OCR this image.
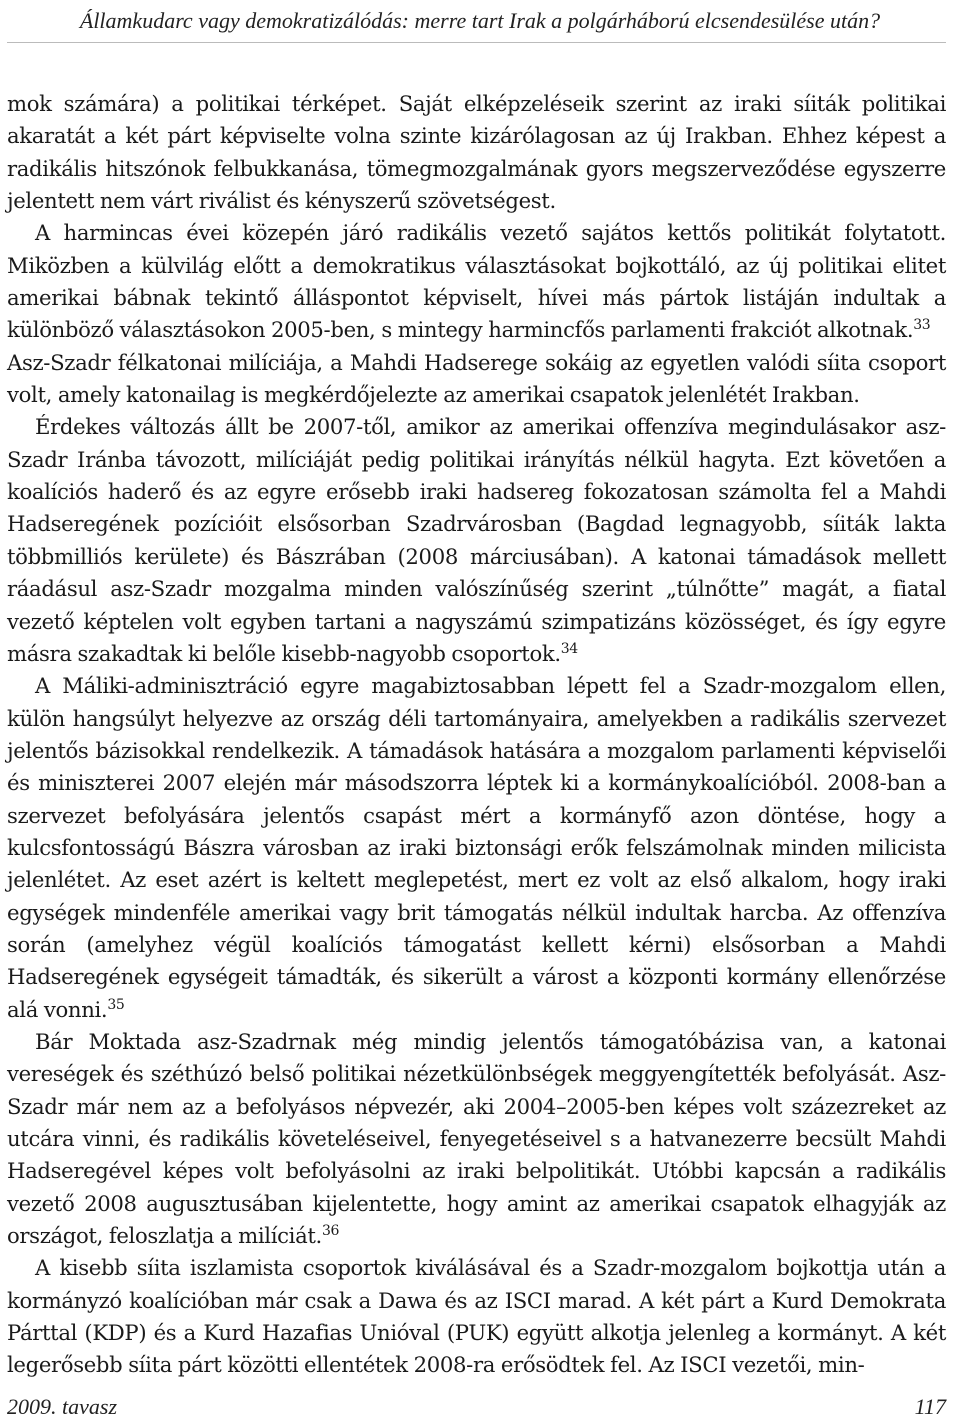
Államkudarc vagy demokratizálódás: merre tart Irak a polgárháború elcsendesülése után?

mok számára) a politikai térképet. Saját elképzeléseik szerint az iraki síiták politikai akaratát a két párt képviselte volna szinte kizárólagosan az új Irakban. Ehhez képest a radikális hitszónok felbukkanása, tömegmozgalmának gyors megszerveződése egyszerre jelentett nem várt riválist és kényszerű szövetségest.

A harmincas évei közepén járó radikális vezető sajátos kettős politikát folytatott. Miközben a külvilág előtt a demokratikus választásokat bojkottáló, az új politikai elitet amerikai bábnak tekintő álláspontot képviselt, hívei más pártok listáján indultak a különböző választásokon 2005-ben, s mintegy harmincfős parlamenti frakciót alkotnak.$^{33}$

Asz-Szadr félkatonai milíciája, a Mahdi Hadserege sokáig az egyetlen valódi síita csoport volt, amely katonailag is megkérdőjelezte az amerikai csapatok jelenlétét Irakban.

Érdekes változás állt be 2007-től, amikor az amerikai offenzíva megindulásakor asz-Szadr Iránba távozott, milíciáját pedig politikai irányítás nélkül hagyta. Ezt követően a koalíciós haderő és az egyre erősebb iraki hadsereg fokozatosan számolta fel a Mahdi Hadseregének pozícióit elsősorban Szadrvárosban (Bagdad legnagyobb, síiták lakta többmilliós kerülete) és Bászrában (2008 márciusában). A katonai támadások mellett ráadásul asz-Szadr mozgalma minden valószínűség szerint „túlnőtte” magát, a fiatal vezető képtelen volt egyben tartani a nagyszámú szimpatizáns közösséget, és így egyre másra szakadtak ki belőle kisebb-nagyobb csoportok.$^{34}$

A Máliki-adminisztráció egyre magabiztosabban lépett fel a Szadr-mozgalom ellen, külön hangsúlyt helyezve az ország déli tartományaira, amelyekben a radikális szervezet jelentős bázisokkal rendelkezik. A támadások hatására a mozgalom parlamenti képviselői és miniszterei 2007 elején már másodszorra léptek ki a kormánykoalícióból. 2008-ban a szervezet befolyására jelentős csapást mért a kormányfő azon döntése, hogy a kulcsfontosságú Bászra városban az iraki biztonsági erők felszámolnak minden milicista jelenlétet. Az eset azért is keltett meglepetést, mert ez volt az első alkalom, hogy iraki egységek mindenféle amerikai vagy brit támogatás nélkül indultak harcba. Az offenzíva során (amelyhez végül koalíciós támogatást kellett kérni) elsősorban a Mahdi Hadseregének egységeit támadták, és sikerült a várost a központi kormány ellenőrzése alá vonni.$^{35}$

Bár Moktada asz-Szadrnak még mindig jelentős támogatóbázisa van, a katonai vereségek és széthúzó belső politikai nézetkülönbségek meggyengítették befolyását. Asz-Szadr már nem az a befolyásos népvezér, aki 2004–2005-ben képes volt százezreket az utcára vinni, és radikális követeléseivel, fenyegetéseivel s a hatvanezerre becsült Mahdi Hadseregével képes volt befolyásolni az iraki belpolitikát. Utóbbi kapcsán a radikális vezető 2008 augusztusában kijelentette, hogy amint az amerikai csapatok elhagyják az országot, feloszlatja a milíciát.$^{36}$

A kisebb síita iszlamista csoportok kiválásával és a Szadr-mozgalom bojkottja után a kormányzó koalícióban már csak a Dawa és az ISCI marad. A két párt a Kurd Demokrata Párttal (KDP) és a Kurd Hazafias Unióval (PUK) együtt alkotja jelenleg a kormányt. A két legerősebb síita párt közötti ellentétek 2008-ra erősödtek fel. Az ISCI vezetői, min-

2009. tavasz	117
